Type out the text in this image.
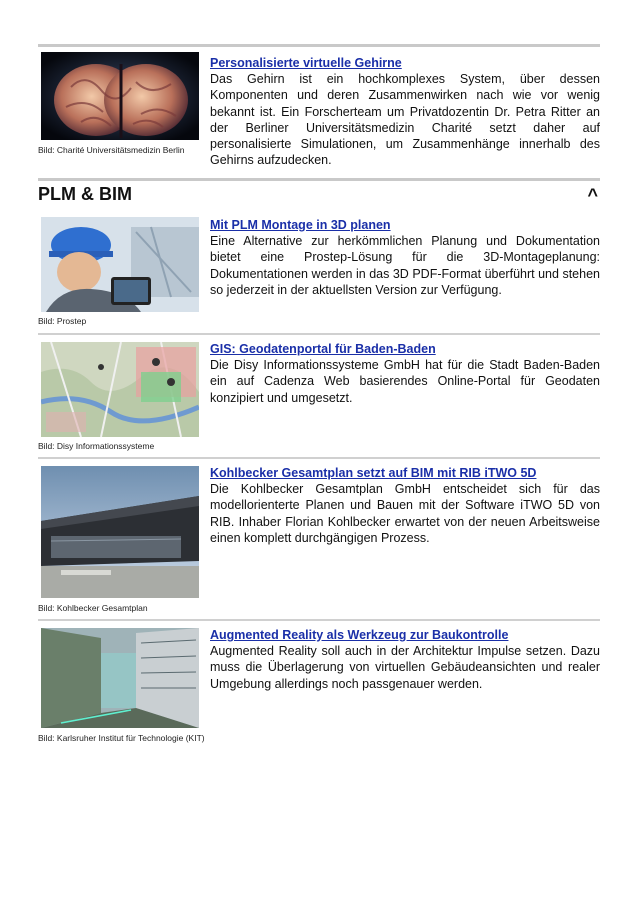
Bild: Charité Universitätsmedizin Berlin

Personalisierte virtuelle Gehirne

Das Gehirn ist ein hochkomplexes System, über dessen Komponenten und deren Zusammenwirken nach wie vor wenig bekannt ist. Ein Forscherteam um Privatdozentin Dr. Petra Ritter an der Berliner Universitätsmedizin Charité setzt daher auf personalisierte Simulationen, um Zusammenhänge innerhalb des Gehirns aufzudecken.

PLM & BIM	^
Bild: Prostep

Mit PLM Montage in 3D planen

Eine Alternative zur herkömmlichen Planung und Dokumentation bietet eine Prostep-Lösung für die 3D-Montageplanung: Dokumentationen werden in das 3D PDF-Format überführt und stehen so jederzeit in der aktuellsten Version zur Verfügung.

Bild: Disy Informationssysteme

GIS: Geodatenportal für Baden-Baden

Die Disy Informationssysteme GmbH hat für die Stadt Baden-Baden ein auf Cadenza Web basierendes Online-Portal für Geodaten konzipiert und umgesetzt.

Bild: Kohlbecker Gesamtplan

Kohlbecker Gesamtplan setzt auf BIM mit RIB iTWO 5D

Die Kohlbecker Gesamtplan GmbH entscheidet sich für das modellorienterte Planen und Bauen mit der Software iTWO 5D von RIB. Inhaber Florian Kohlbecker erwartet von der neuen Arbeitsweise einen komplett durchgängigen Prozess.

Bild: Karlsruher Institut für Technologie (KIT)

Augmented Reality als Werkzeug zur Baukontrolle

Augmented Reality soll auch in der Architektur Impulse setzen. Dazu muss die Überlagerung von virtuellen Gebäudeansichten und realer Umgebung allerdings noch passgenauer werden.
